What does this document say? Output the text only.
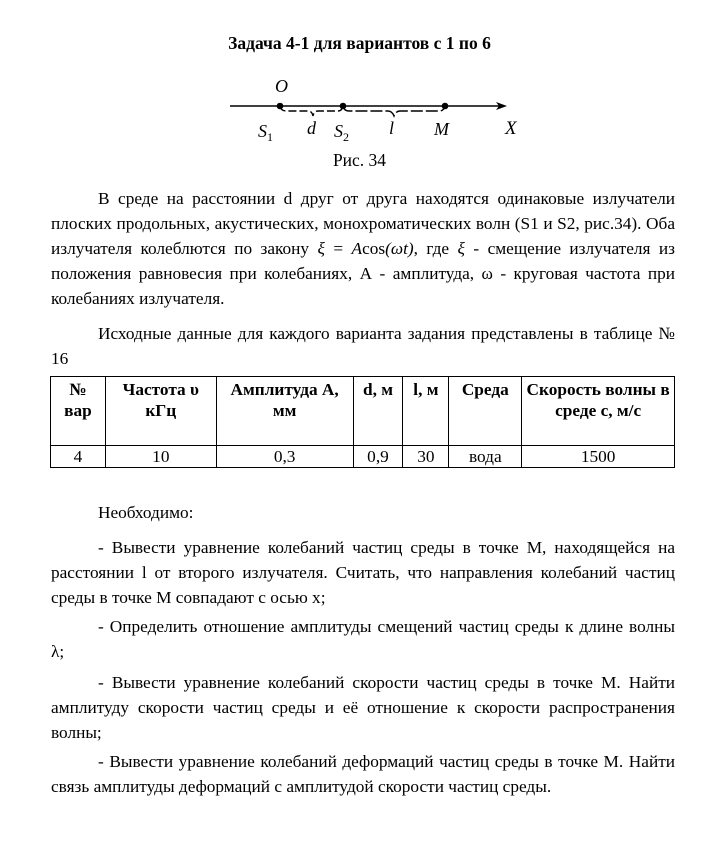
Задача 4-1 для вариантов с 1 по 6
O
$S_1$ d $S_2$ l M	X
Рис. 34

В среде на расстоянии d друг от друга находятся одинаковые излучатели плоских продольных, акустических, монохроматических волн (S1 и S2, рис.34). Оба излучателя колеблются по закону ξ = Acos(ωt), где ξ - смещение излучателя из положения равновесия при колебаниях, А - амплитуда, ω - круговая частота при колебаниях излучателя.

Исходные данные для каждого варианта задания представлены в таблице № 16

№ вар	Частота υ кГц	Амплитуда А, мм	d, м	l, м	Среда	Скорость волны в среде с, м/с
4	10	0,3	0,9	30	вода	1500

Необходимо:

- Вывести уравнение колебаний частиц среды в точке М, находящейся на расстоянии l от второго излучателя. Считать, что направления колебаний частиц среды в точке М совпадают с осью х;

- Определить отношение амплитуды смещений частиц среды к длине волны λ;

- Вывести уравнение колебаний скорости частиц среды в точке М. Найти амплитуду скорости частиц среды и её отношение к скорости распространения волны;

- Вывести уравнение колебаний деформаций частиц среды в точке М. Найти связь амплитуды деформаций с амплитудой скорости частиц среды.
